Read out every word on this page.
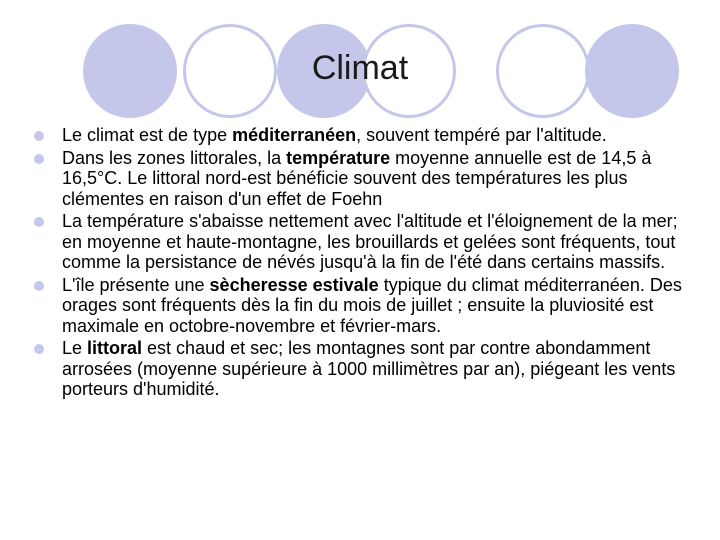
Climat
Le climat est de type méditerranéen, souvent tempéré par l'altitude.
Dans les zones littorales, la température moyenne annuelle est de 14,5 à 16,5°C. Le littoral nord-est bénéficie souvent des températures les plus clémentes en raison d'un effet de Foehn
La température s'abaisse nettement avec l'altitude et l'éloignement de la mer; en moyenne et haute-montagne, les brouillards et gelées sont fréquents, tout comme la persistance de névés jusqu'à la fin de l'été dans certains massifs.
L'île présente une sècheresse estivale typique du climat méditerranéen. Des orages sont fréquents dès la fin du mois de juillet ; ensuite la pluviosité est maximale en octobre-novembre et février-mars.
Le littoral est chaud et sec; les montagnes sont par contre abondamment arrosées (moyenne supérieure à 1000 millimètres par an), piégeant les vents porteurs d'humidité.
